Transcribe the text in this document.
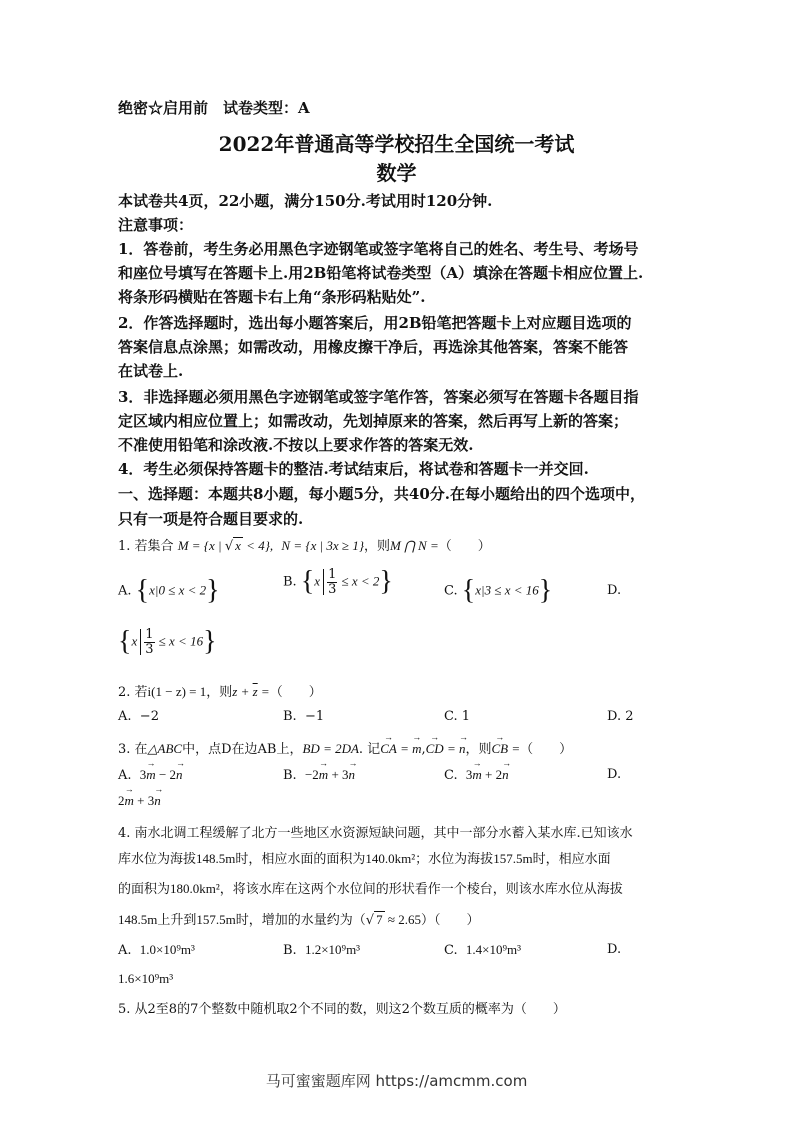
绝密☆启用前　试卷类型：A
2022年普通高等学校招生全国统一考试
数学
本试卷共4页，22小题，满分150分.考试用时120分钟.
注意事项：
1．答卷前，考生务必用黑色字迹钢笔或签字笔将自己的姓名、考生号、考场号
和座位号填写在答题卡上.用2B铅笔将试卷类型（A）填涂在答题卡相应位置上.
将条形码横贴在答题卡右上角“条形码粘贴处”.
2．作答选择题时，选出每小题答案后，用2B铅笔把答题卡上对应题目选项的
答案信息点涂黑；如需改动，用橡皮擦干净后，再选涂其他答案，答案不能答
在试卷上.
3．非选择题必须用黑色字迹钢笔或签字笔作答，答案必须写在答题卡各题目指
定区域内相应位置上；如需改动，先划掉原来的答案，然后再写上新的答案；
不准使用铅笔和涂改液.不按以上要求作答的答案无效.
4．考生必须保持答题卡的整洁.考试结束后，将试卷和答题卡一并交回.
一、选择题：本题共8小题，每小题5分，共40分.在每小题给出的四个选项中，
只有一项是符合题目要求的.
1. 若集合 M = {x | √ x < 4}, N = {x | 3x ≥ 1}，则M ⋂ N =（　　）
A. {x|0 ≤ x < 2}	B. $\{x \frac{1}{3} \le x < 2\}$	C. {x|3 ≤ x < 16}	D.
$\{x \frac{1}{3} \le x < 16\}$
2. 若i(1 − z) = 1，则$z + \overline{z}$ =（　　）
A. −2	B. −1	C. 1	D. 2
3. 在△ABC中，点D在边AB上，BD = 2DA. 记→ CA = → m,→ CD = → n，则→ CB =（　　）
A. 3→ m − 2→ n	B. −2→ m + 3→ n	C. 3→ m + 2→ n	D.
2→ m + 3→ n
4. 南水北调工程缓解了北方一些地区水资源短缺问题，其中一部分水蓄入某水库.已知该水
库水位为海拔148.5m时，相应水面的面积为140.0km²；水位为海拔157.5m时，相应水面
的面积为180.0km²，将该水库在这两个水位间的形状看作一个棱台，则该水库水位从海拔
148.5m上升到157.5m时，增加的水量约为（√ 7 ≈ 2.65）（　　）
A. 1.0×10⁹m³	B. 1.2×10⁹m³	C. 1.4×10⁹m³	D.
1.6×10⁹m³
5. 从2至8的7个整数中随机取2个不同的数，则这2个数互质的概率为（　　）
马可蜜蜜题库网 https://amcmm.com
